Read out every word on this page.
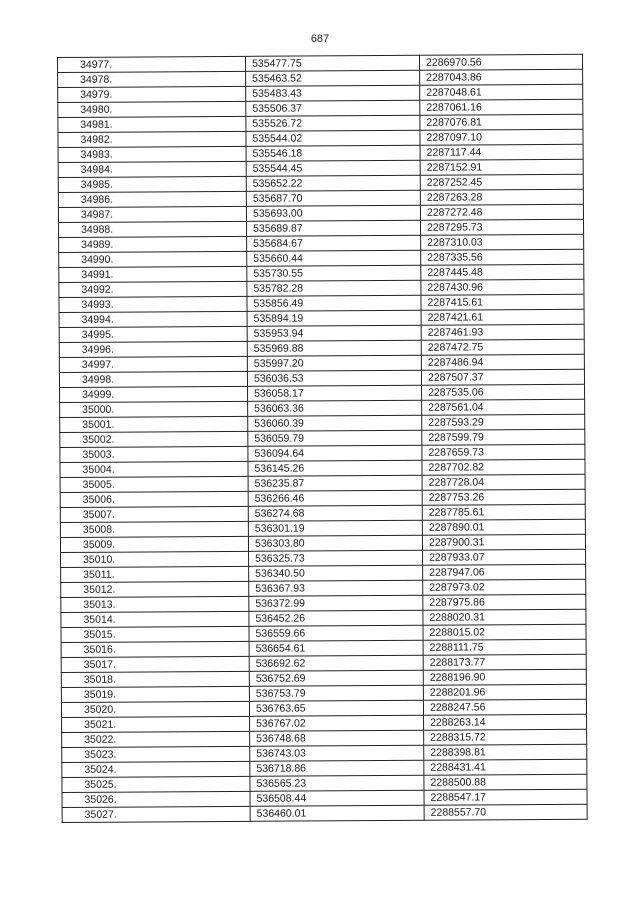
687
34977.	535477.75	2286970.56
34978.	535463.52	2287043.86
34979.	535483.43	2287048.61
34980.	535506.37	2287061.16
34981.	535526.72	2287076.81
34982.	535544.02	2287097.10
34983.	535546.18	2287117.44
34984.	535544.45	2287152.91
34985.	535652.22	2287252.45
34986.	535687.70	2287263.28
34987.	535693.00	2287272.48
34988.	535689.87	2287295.73
34989.	535684.67	2287310.03
34990.	535660.44	2287335.56
34991.	535730.55	2287445.48
34992.	535782.28	2287430.96
34993.	535856.49	2287415.61
34994.	535894.19	2287421.61
34995.	535953.94	2287461.93
34996.	535969.88	2287472.75
34997.	535997.20	2287486.94
34998.	536036.53	2287507.37
34999.	536058.17	2287535.06
35000.	536063.36	2287561.04
35001.	536060.39	2287593.29
35002.	536059.79	2287599.79
35003.	536094.64	2287659.73
35004.	536145.26	2287702.82
35005.	536235.87	2287728.04
35006.	536266.46	2287753.26
35007.	536274.68	2287785.61
35008.	536301.19	2287890.01
35009.	536303.80	2287900.31
35010.	536325.73	2287933.07
35011.	536340.50	2287947.06
35012.	536367.93	2287973.02
35013.	536372.99	2287975.86
35014.	536452.26	2288020.31
35015.	536559.66	2288015.02
35016.	536654.61	2288111.75
35017.	536692.62	2288173.77
35018.	536752.69	2288196.90
35019.	536753.79	2288201.96
35020.	536763.65	2288247.56
35021.	536767.02	2288263.14
35022.	536748.68	2288315.72
35023.	536743.03	2288398.81
35024.	536718.86	2288431.41
35025.	536565.23	2288500.88
35026.	536508.44	2288547.17
35027.	536460.01	2288557.70
